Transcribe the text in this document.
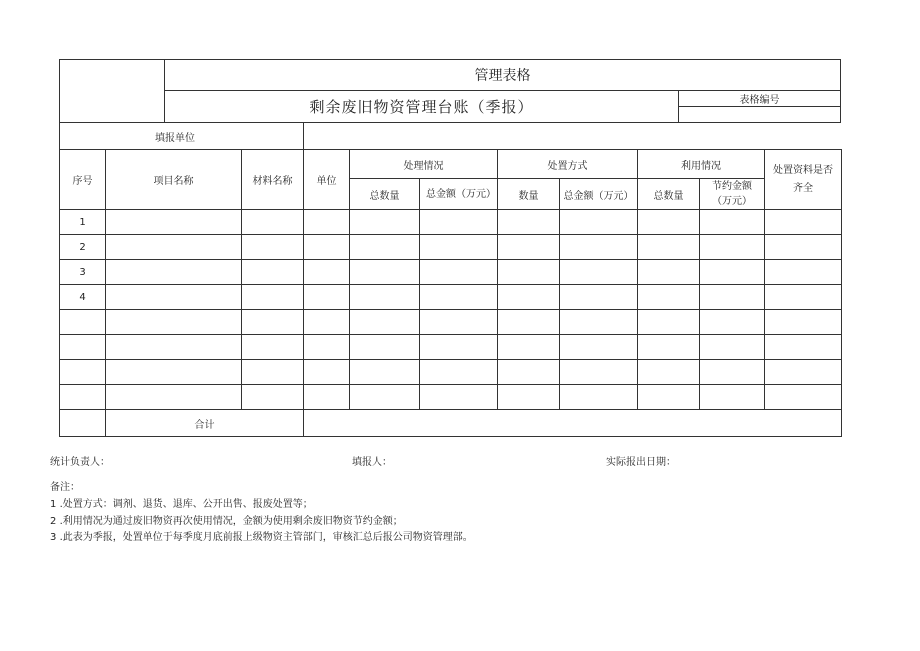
管理表格
剩余废旧物资管理台账（季报）	表格编号
填报单位										
序号	项目名称	材料名称	单位	处理情况		处置方式		利用情况		处置资料是否齐全
				总数量	总金额（万元）	数量	总金额（万元）	总数量	节约金额（万元）	
1										
2										
3										
4										

	合计									
统计负责人：	填报人：	实际报出日期：
备注：
1 .处置方式：调剂、退货、退库、公开出售、报废处置等；
2 .利用情况为通过废旧物资再次使用情况，金额为使用剩余废旧物资节约金额；
3 .此表为季报，处置单位于每季度月底前报上级物资主管部门，审核汇总后报公司物资管理部。
